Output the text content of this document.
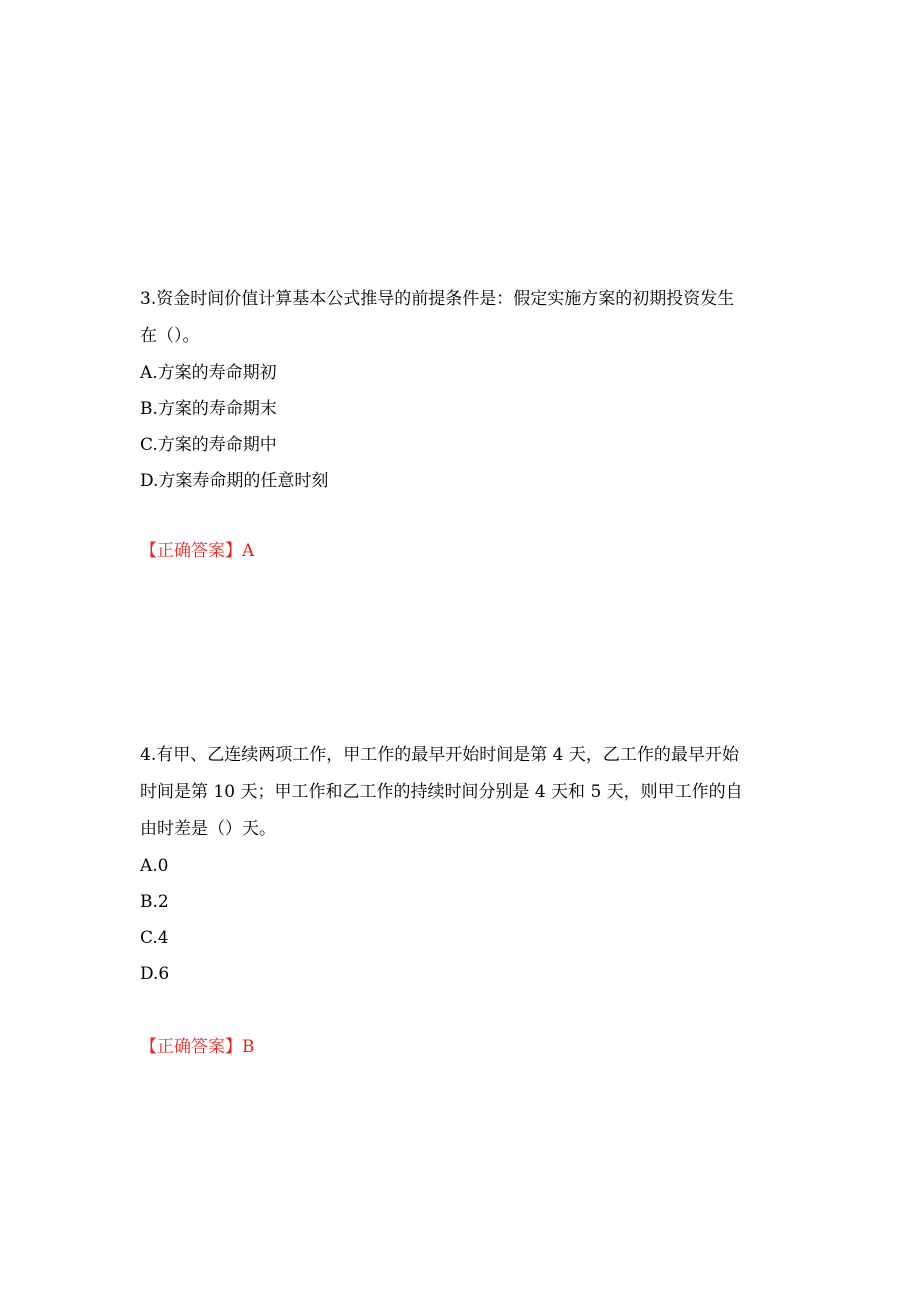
3.资金时间价值计算基本公式推导的前提条件是：假定实施方案的初期投资发生
在（）。
A.方案的寿命期初
B.方案的寿命期末
C.方案的寿命期中
D.方案寿命期的任意时刻
【正确答案】A
4.有甲、乙连续两项工作，甲工作的最早开始时间是第 4 天，乙工作的最早开始
时间是第 10 天；甲工作和乙工作的持续时间分别是 4 天和 5 天，则甲工作的自
由时差是（）天。
A.0
B.2
C.4
D.6
【正确答案】B
